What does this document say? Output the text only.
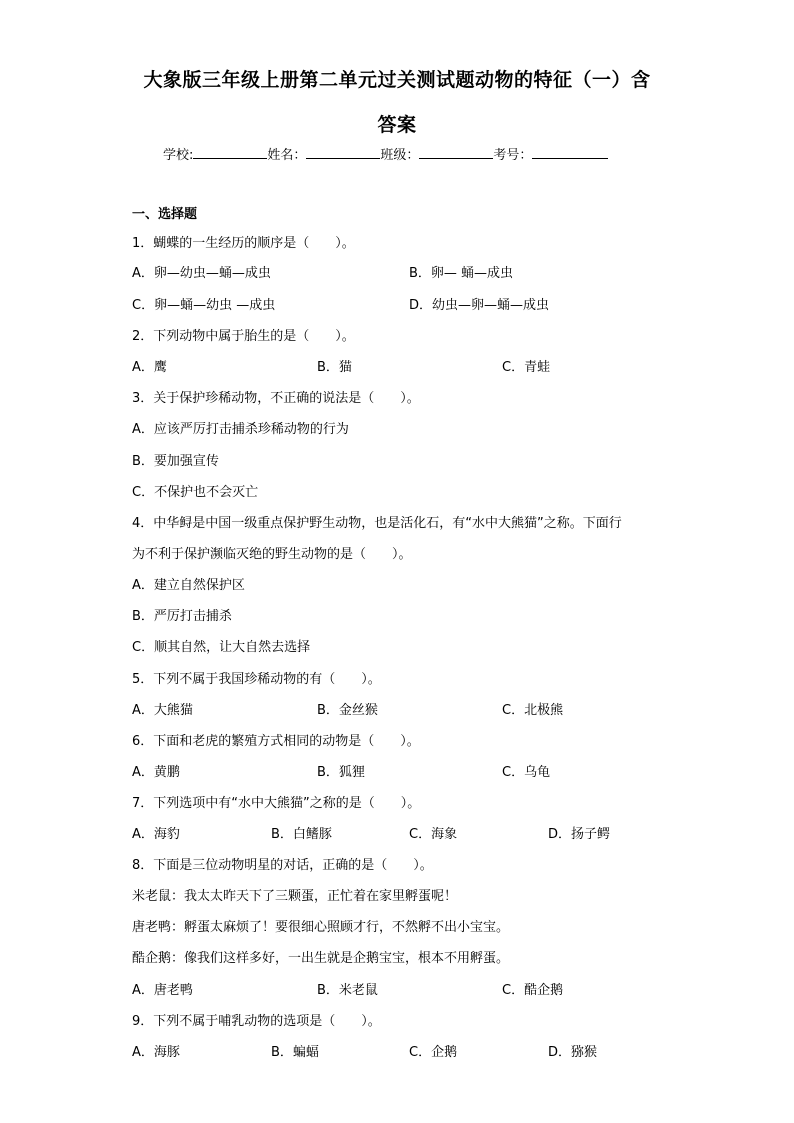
大象版三年级上册第二单元过关测试题动物的特征（一）含
答案
学校:	姓名：	班级：	考号：
一、选择题
1．蝴蝶的一生经历的顺序是（　　）。
A．卵—幼虫—蛹—成虫	B．卵— 蛹—成虫
C．卵—蛹—幼虫 —成虫	D．幼虫—卵—蛹—成虫
2．下列动物中属于胎生的是（　　）。
A．鹰	B．猫	C．青蛙
3．关于保护珍稀动物，不正确的说法是（　　）。
A．应该严厉打击捕杀珍稀动物的行为
B．要加强宣传
C．不保护也不会灭亡
4．中华鲟是中国一级重点保护野生动物，也是活化石，有“水中大熊猫”之称。下面行
为不利于保护濒临灭绝的野生动物的是（　　）。
A．建立自然保护区
B．严厉打击捕杀
C．顺其自然，让大自然去选择
5．下列不属于我国珍稀动物的有（　　）。
A．大熊猫	B．金丝猴	C．北极熊
6．下面和老虎的繁殖方式相同的动物是（　　）。
A．黄鹏	B．狐狸	C．乌龟
7．下列选项中有“水中大熊猫”之称的是（　　）。
A．海豹	B．白鳍豚	C．海象	D．扬子鳄
8．下面是三位动物明星的对话，正确的是（　　）。
米老鼠：我太太昨天下了三颗蛋，正忙着在家里孵蛋呢！
唐老鸭：孵蛋太麻烦了！要很细心照顾才行，不然孵不出小宝宝。
酷企鹅：像我们这样多好，一出生就是企鹅宝宝，根本不用孵蛋。
A．唐老鸭	B．米老鼠	C．酷企鹅
9．下列不属于哺乳动物的选项是（　　）。
A．海豚	B．蝙蝠	C．企鹅	D．猕猴
